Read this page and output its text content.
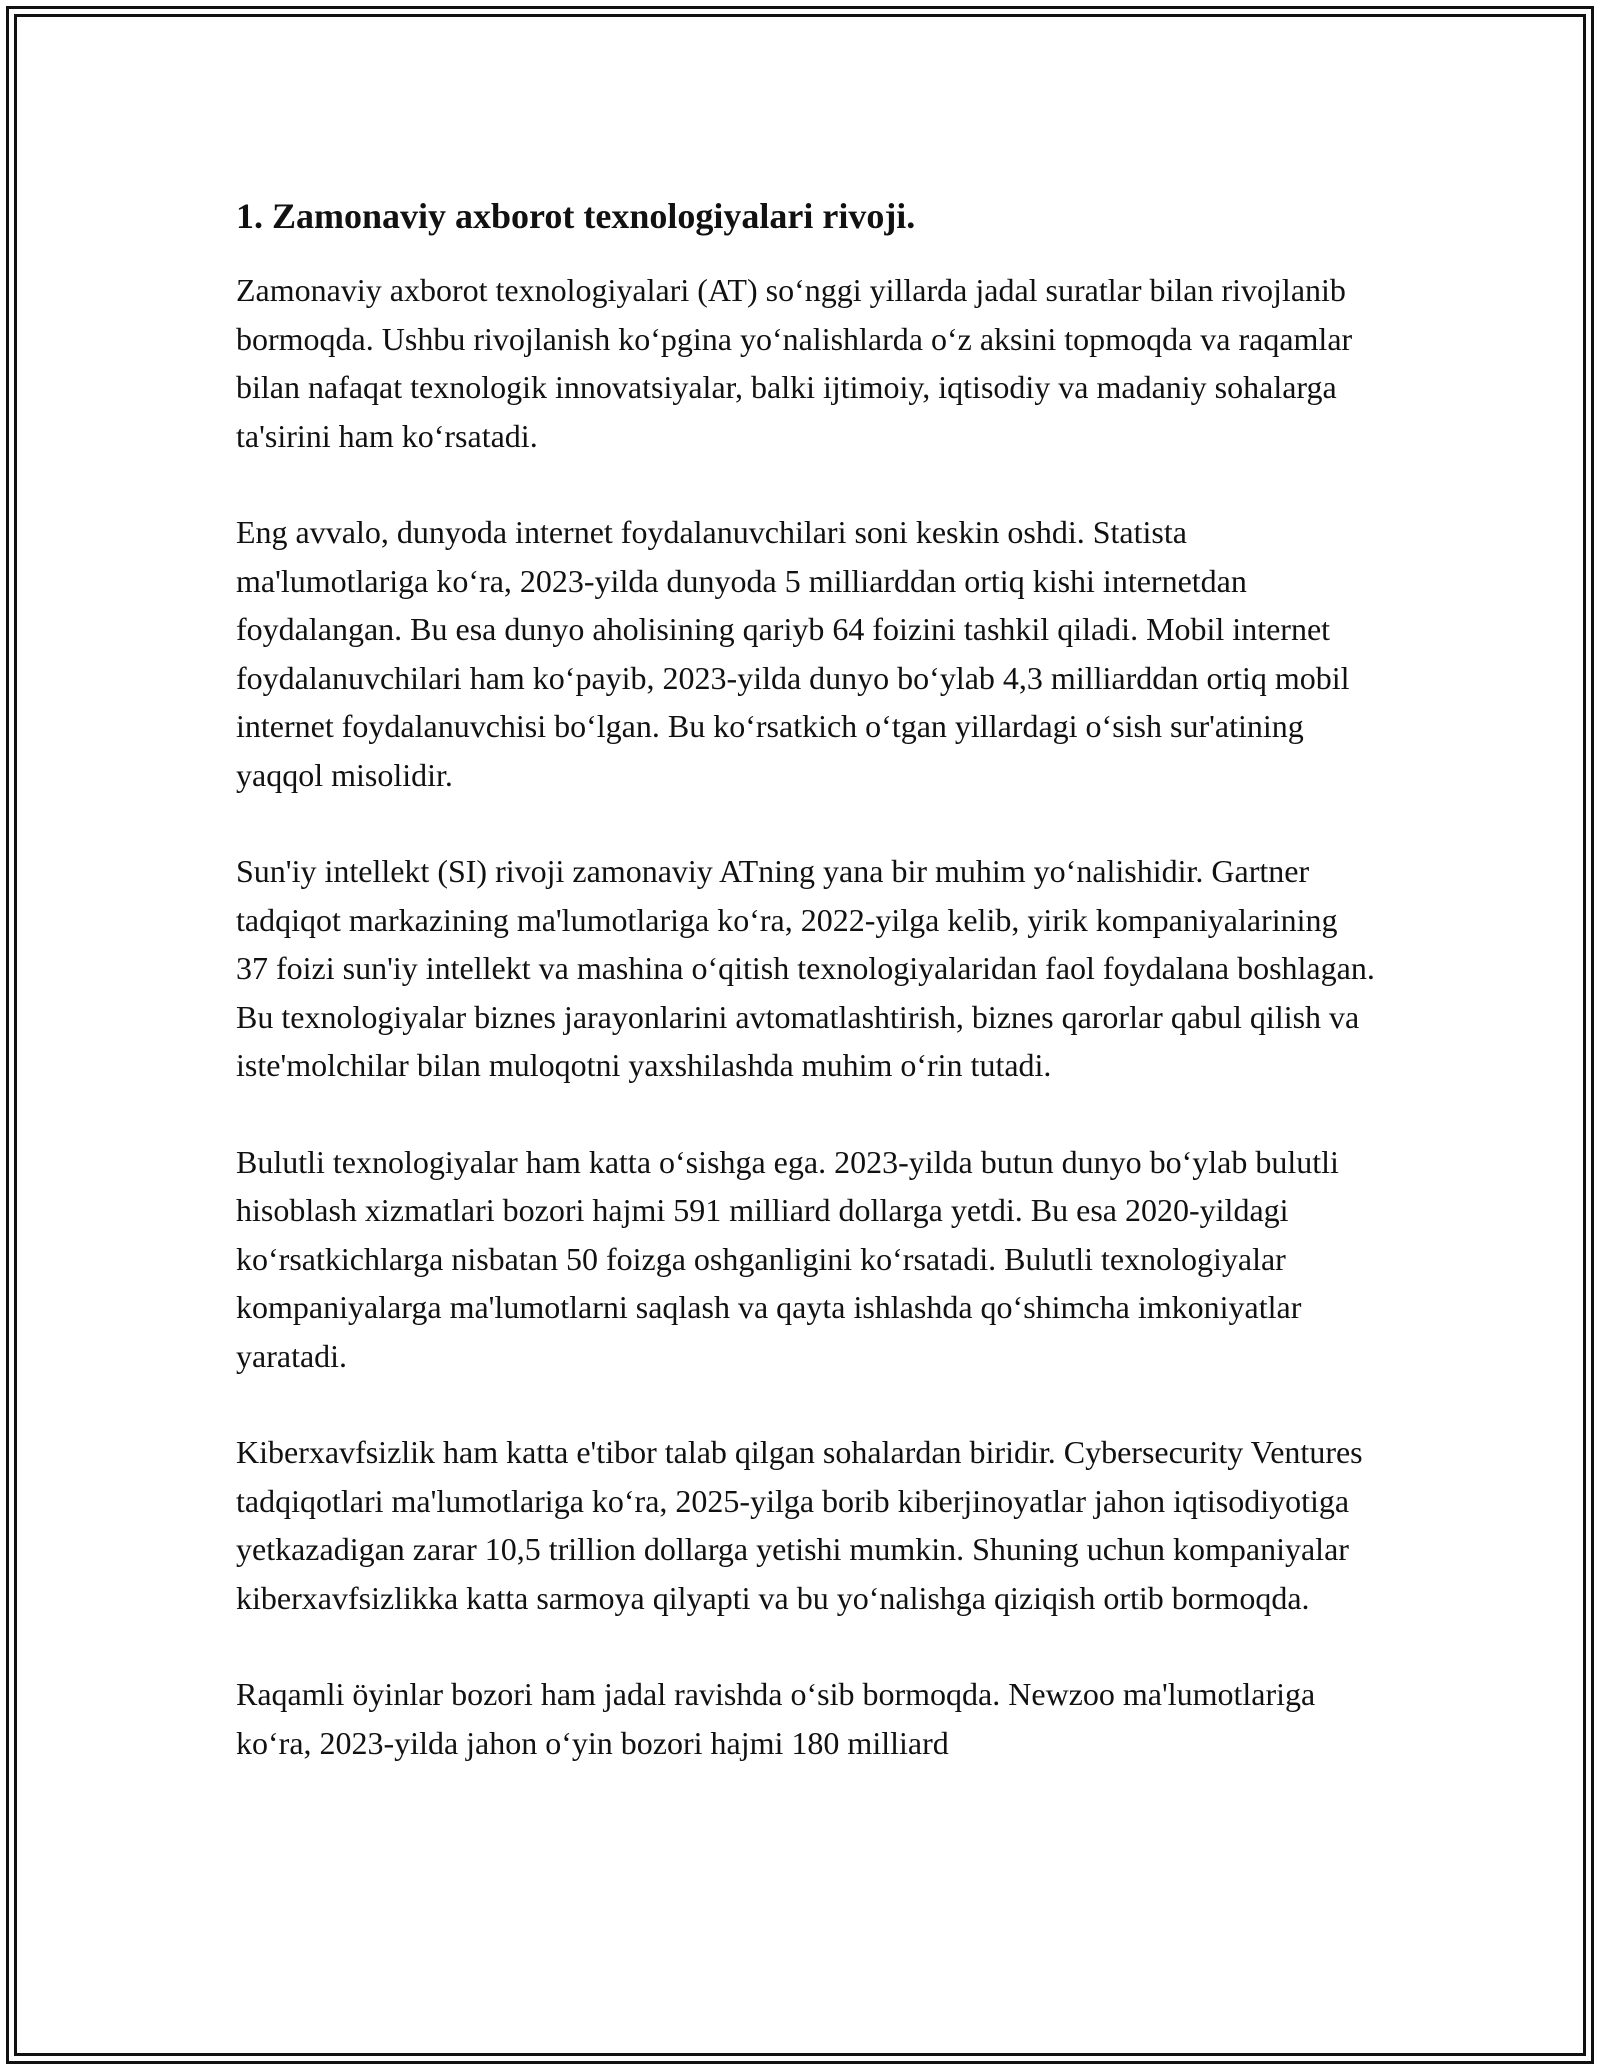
1. Zamonaviy axborot texnologiyalari rivoji.

Zamonaviy axborot texnologiyalari (AT) so‘nggi yillarda jadal suratlar bilan rivojlanib bormoqda. Ushbu rivojlanish ko‘pgina yo‘nalishlarda o‘z aksini topmoqda va raqamlar bilan nafaqat texnologik innovatsiyalar, balki ijtimoiy, iqtisodiy va madaniy sohalarga ta'sirini ham ko‘rsatadi.

Eng avvalo, dunyoda internet foydalanuvchilari soni keskin oshdi. Statista ma'lumotlariga ko‘ra, 2023-yilda dunyoda 5 milliarddan ortiq kishi internetdan foydalangan. Bu esa dunyo aholisining qariyb 64 foizini tashkil qiladi. Mobil internet foydalanuvchilari ham ko‘payib, 2023-yilda dunyo bo‘ylab 4,3 milliarddan ortiq mobil internet foydalanuvchisi bo‘lgan. Bu ko‘rsatkich o‘tgan yillardagi o‘sish sur'atining yaqqol misolidir.

Sun'iy intellekt (SI) rivoji zamonaviy ATning yana bir muhim yo‘nalishidir. Gartner tadqiqot markazining ma'lumotlariga ko‘ra, 2022-yilga kelib, yirik kompaniyalarining 37 foizi sun'iy intellekt va mashina o‘qitish texnologiyalaridan faol foydalana boshlagan. Bu texnologiyalar biznes jarayonlarini avtomatlashtirish, biznes qarorlar qabul qilish va iste'molchilar bilan muloqotni yaxshilashda muhim o‘rin tutadi.

Bulutli texnologiyalar ham katta o‘sishga ega. 2023-yilda butun dunyo bo‘ylab bulutli hisoblash xizmatlari bozori hajmi 591 milliard dollarga yetdi. Bu esa 2020-yildagi ko‘rsatkichlarga nisbatan 50 foizga oshganligini ko‘rsatadi. Bulutli texnologiyalar kompaniyalarga ma'lumotlarni saqlash va qayta ishlashda qo‘shimcha imkoniyatlar yaratadi.

Kiberxavfsizlik ham katta e'tibor talab qilgan sohalardan biridir. Cybersecurity Ventures tadqiqotlari ma'lumotlariga ko‘ra, 2025-yilga borib kiberjinoyatlar jahon iqtisodiyotiga yetkazadigan zarar 10,5 trillion dollarga yetishi mumkin. Shuning uchun kompaniyalar kiberxavfsizlikka katta sarmoya qilyapti va bu yo‘nalishga qiziqish ortib bormoqda.

Raqamli öyinlar bozori ham jadal ravishda o‘sib bormoqda. Newzoo ma'lumotlariga ko‘ra, 2023-yilda jahon o‘yin bozori hajmi 180 milliard
